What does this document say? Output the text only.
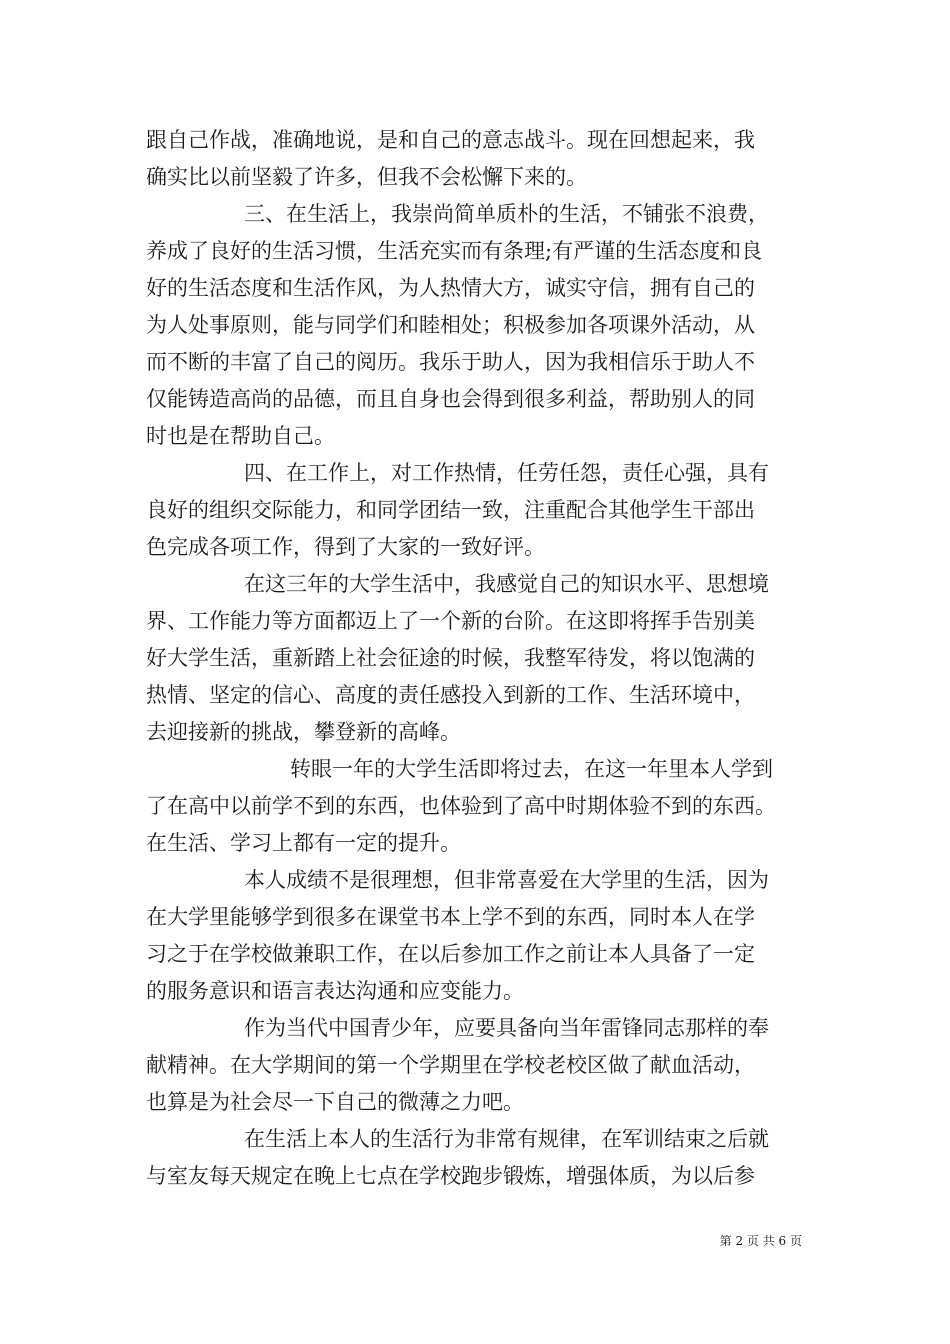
跟自己作战，准确地说，是和自己的意志战斗。现在回想起来，我
确实比以前坚毅了许多，但我不会松懈下来的。
三、在生活上，我崇尚简单质朴的生活，不铺张不浪费，
养成了良好的生活习惯，生活充实而有条理;有严谨的生活态度和良
好的生活态度和生活作风，为人热情大方，诚实守信，拥有自己的
为人处事原则，能与同学们和睦相处；积极参加各项课外活动，从
而不断的丰富了自己的阅历。我乐于助人，因为我相信乐于助人不
仅能铸造高尚的品德，而且自身也会得到很多利益，帮助别人的同
时也是在帮助自己。
四、在工作上，对工作热情，任劳任怨，责任心强，具有
良好的组织交际能力，和同学团结一致，注重配合其他学生干部出
色完成各项工作，得到了大家的一致好评。
在这三年的大学生活中，我感觉自己的知识水平、思想境
界、工作能力等方面都迈上了一个新的台阶。在这即将挥手告别美
好大学生活，重新踏上社会征途的时候，我整军待发，将以饱满的
热情、坚定的信心、高度的责任感投入到新的工作、生活环境中，
去迎接新的挑战，攀登新的高峰。
转眼一年的大学生活即将过去，在这一年里本人学到
了在高中以前学不到的东西，也体验到了高中时期体验不到的东西。
在生活、学习上都有一定的提升。
本人成绩不是很理想，但非常喜爱在大学里的生活，因为
在大学里能够学到很多在课堂书本上学不到的东西，同时本人在学
习之于在学校做兼职工作，在以后参加工作之前让本人具备了一定
的服务意识和语言表达沟通和应变能力。
作为当代中国青少年，应要具备向当年雷锋同志那样的奉
献精神。在大学期间的第一个学期里在学校老校区做了献血活动，
也算是为社会尽一下自己的微薄之力吧。
在生活上本人的生活行为非常有规律，在军训结束之后就
与室友每天规定在晚上七点在学校跑步锻炼，增强体质，为以后参
第 2 页 共 6 页
